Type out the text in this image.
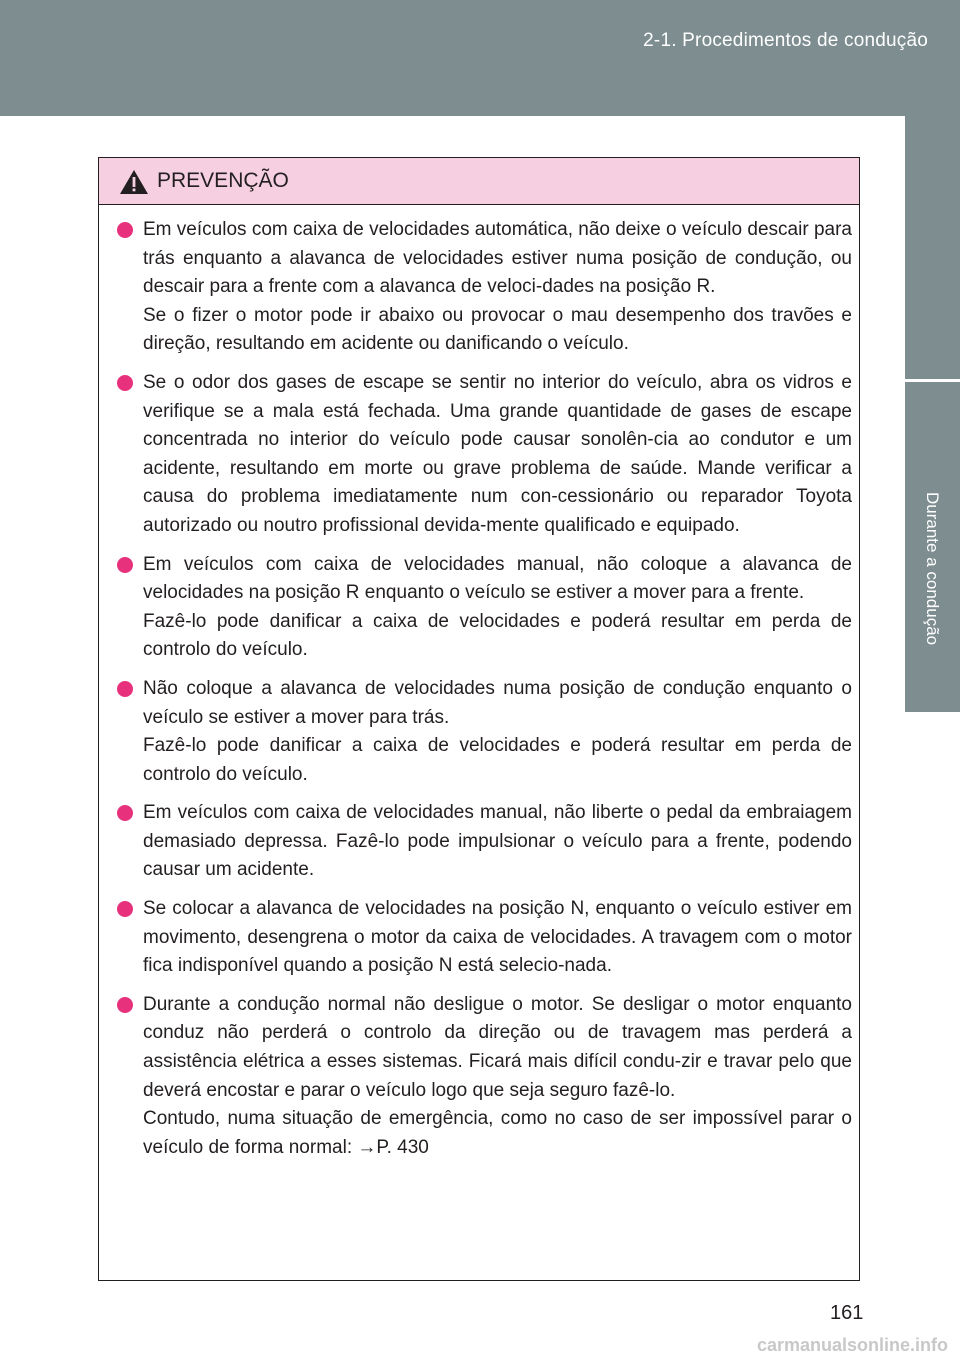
2-1. Procedimentos de condução
Durante a condução
PREVENÇÃO

Em veículos com caixa de velocidades automática, não deixe o veículo descair para trás enquanto a alavanca de velocidades estiver numa posição de condução, ou descair para a frente com a alavanca de veloci-dades na posição R.

Se o fizer o motor pode ir abaixo ou provocar o mau desempenho dos travões e direção, resultando em acidente ou danificando o veículo.

Se o odor dos gases de escape se sentir no interior do veículo, abra os vidros e verifique se a mala está fechada. Uma grande quantidade de gases de escape concentrada no interior do veículo pode causar sonolên-cia ao condutor e um acidente, resultando em morte ou grave problema de saúde. Mande verificar a causa do problema imediatamente num con-cessionário ou reparador Toyota autorizado ou noutro profissional devida-mente qualificado e equipado.

Em veículos com caixa de velocidades manual, não coloque a alavanca de velocidades na posição R enquanto o veículo se estiver a mover para a frente.

Fazê-lo pode danificar a caixa de velocidades e poderá resultar em perda de controlo do veículo.

Não coloque a alavanca de velocidades numa posição de condução enquanto o veículo se estiver a mover para trás.

Fazê-lo pode danificar a caixa de velocidades e poderá resultar em perda de controlo do veículo.

Em veículos com caixa de velocidades manual, não liberte o pedal da embraiagem demasiado depressa. Fazê-lo pode impulsionar o veículo para a frente, podendo causar um acidente.

Se colocar a alavanca de velocidades na posição N, enquanto o veículo estiver em movimento, desengrena o motor da caixa de velocidades. A travagem com o motor fica indisponível quando a posição N está selecio-nada.

Durante a condução normal não desligue o motor. Se desligar o motor enquanto conduz não perderá o controlo da direção ou de travagem mas perderá a assistência elétrica a esses sistemas. Ficará mais difícil condu-zir e travar pelo que deverá encostar e parar o veículo logo que seja seguro fazê-lo.

Contudo, numa situação de emergência, como no caso de ser impossível parar o veículo de forma normal: →P. 430

161
carmanualsonline.info
